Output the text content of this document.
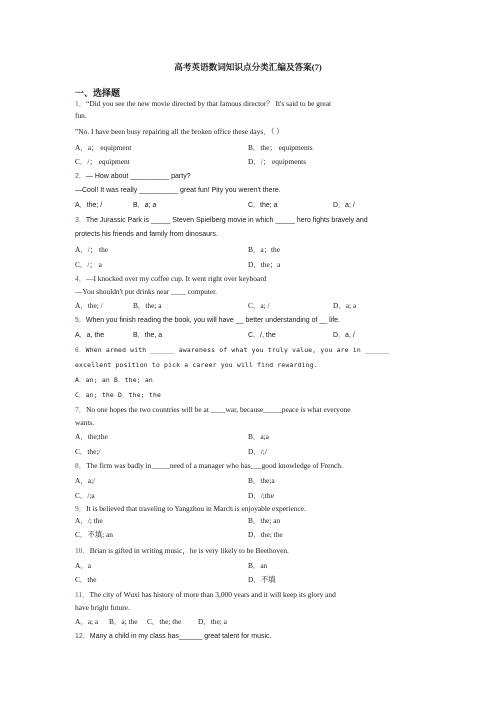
高考英语数词知识点分类汇编及答案(7)
一、选择题
1．“Did you see the new movie directed by that famous director？ It's said to be great
fun.
”No. I have been busy repairing all the broken office these days．（ ）
A．a； equipment	B．the； equipments
C．/； equipment	D．/； equipments
2．— How about __________ party?
—Cool! It was really __________ great fun! Pity you weren't there.
A．the; /	B．a; a	C．the; a	D．a; /
3．The Jurassic Park is _____ Steven Spielberg movie in which _____ hero fights bravely and
protects his friends and family from dinosaurs.
A．/； the	B．a；the
C．/； a	D．the；a
4．—I knocked over my coffee cup. It went right over keyboard
—You shouldn't put drinks near ____ computer.
A．the; /	B．the; a	C．a; /	D．a; a
5．When you finish reading the book, you will have __ better understanding of __ life.
A．a, the	B．the, a	C．/, the	D．a, /
6．When armed with ______ awareness of what you truly value, you are in ______
excellent position to pick a career you will find rewarding.
A．an; an B．the; an
C．an; the D．the; the
7．No one hopes the two countries will be at ____war, because_____peace is what everyone
wants.
A．the;the	B．a;a
C．the;/	D．/;/
8．The firm was badly in_____need of a manager who has___good knowledge of French.
A．a;/	B．the;a
C．/;a	D．/;the
9．It is believed that traveling to Yangzhou in March is enjoyable experience.
A．/; the	B．the; an
C．不填; an	D．the; the
10．Brian is gifted in writing music，he is very likely to be Beethoven.
A．a	B．an
C．the	D．不填
11．The city of Wuxi has history of more than 3,000 years and it will keep its glory and
have bright future.
A．a; a B．a; the C．the; the D．the; a
12．Many a child in my class has______ great talent for music.
